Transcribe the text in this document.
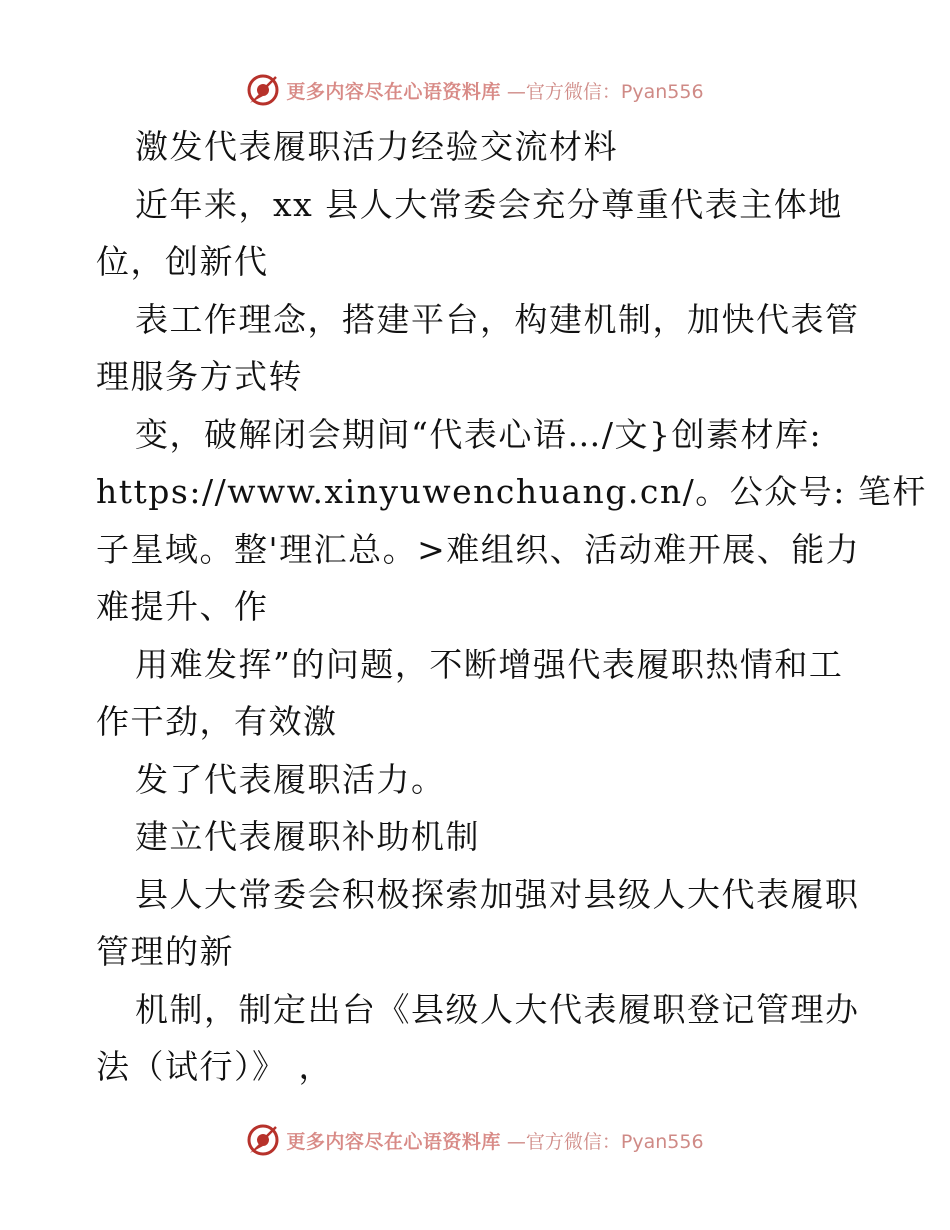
更多内容尽在心语资料库 —官方微信：Pyan556
激发代表履职活力经验交流材料
近年来，xx 县人大常委会充分尊重代表主体地
位，创新代
表工作理念，搭建平台，构建机制，加快代表管
理服务方式转
变，破解闭会期间“代表心语…/文}创素材库:
https://www.xinyuwenchuang.cn/。公众号: 笔杆
子星域。整'理汇总。>难组织、活动难开展、能力
难提升、作
用难发挥”的问题，不断增强代表履职热情和工
作干劲，有效激
发了代表履职活力。
建立代表履职补助机制
县人大常委会积极探索加强对县级人大代表履职
管理的新
机制，制定出台《县级人大代表履职登记管理办
法（试行）》 ，
更多内容尽在心语资料库 —官方微信：Pyan556
